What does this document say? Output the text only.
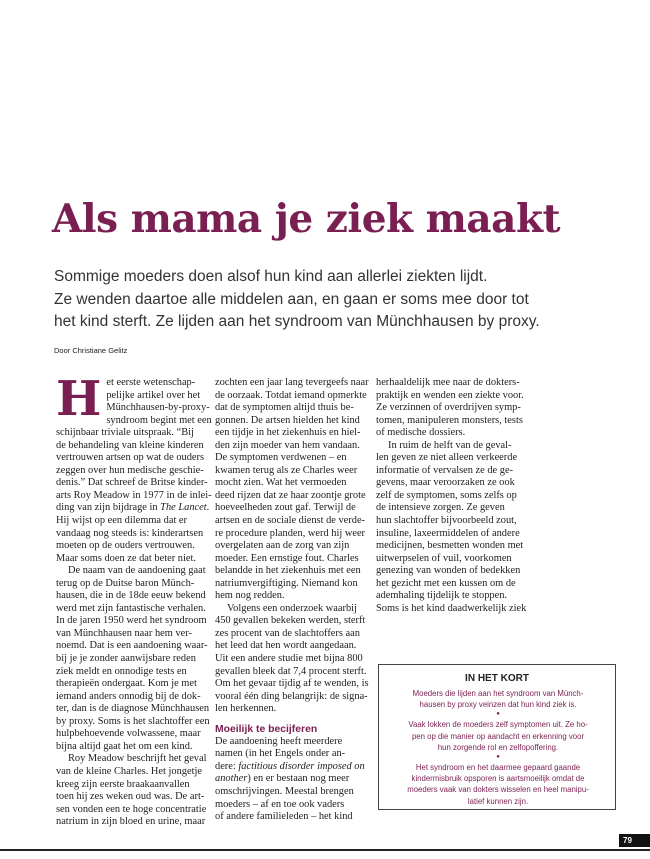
Als mama je ziek maakt
Sommige moeders doen alsof hun kind aan allerlei ziekten lijdt.
Ze wenden daartoe alle middelen aan, en gaan er soms mee door tot
het kind sterft. Ze lijden aan het syndroom van Münchhausen by proxy.
Door Christiane Gelitz

H et eerste wetenschap-
pelijke artikel over het
Münchhausen-by-proxy-
syndroom begint met een
schijnbaar triviale uitspraak. “Bij
de behandeling van kleine kinderen
vertrouwen artsen op wat de ouders
zeggen over hun medische geschie-
denis.” Dat schreef de Britse kinder-
arts Roy Meadow in 1977 in de inlei-
ding van zijn bijdrage in The Lancet.
Hij wijst op een dilemma dat er
vandaag nog steeds is: kinderartsen
moeten op de ouders vertrouwen.
Maar soms doen ze dat beter niet.

De naam van de aandoening gaat
terug op de Duitse baron Münch-
hausen, die in de 18de eeuw bekend
werd met zijn fantastische verhalen.
In de jaren 1950 werd het syndroom
van Münchhausen naar hem ver-
noemd. Dat is een aandoening waar-
bij je je zonder aanwijsbare reden
ziek meldt en onnodige tests en
therapieën ondergaat. Kom je met
iemand anders onnodig bij de dok-
ter, dan is de diagnose Münchhausen
by proxy. Soms is het slachtoffer een
hulpbehoevende volwassene, maar
bijna altijd gaat het om een kind.

Roy Meadow beschrijft het geval
van de kleine Charles. Het jongetje
kreeg zijn eerste braakaanvallen
toen hij zes weken oud was. De art-
sen vonden een te hoge concentratie
natrium in zijn bloed en urine, maar

zochten een jaar lang tevergeefs naar
de oorzaak. Totdat iemand opmerkte
dat de symptomen altijd thuis be-
gonnen. De artsen hielden het kind
een tijdje in het ziekenhuis en hiel-
den zijn moeder van hem vandaan.
De symptomen verdwenen – en
kwamen terug als ze Charles weer
mocht zien. Wat het vermoeden
deed rijzen dat ze haar zoontje grote
hoeveelheden zout gaf. Terwijl de
artsen en de sociale dienst de verde-
re procedure planden, werd hij weer
overgelaten aan de zorg van zijn
moeder. Een ernstige fout. Charles
belandde in het ziekenhuis met een
natriumvergiftiging. Niemand kon
hem nog redden.

Volgens een onderzoek waarbij
450 gevallen bekeken werden, sterft
zes procent van de slachtoffers aan
het leed dat hen wordt aangedaan.
Uit een andere studie met bijna 800
gevallen bleek dat 7,4 procent sterft.
Om het gevaar tijdig af te wenden, is
vooral één ding belangrijk: de signa-
len herkennen.

Moeilijk te becijferen

De aandoening heeft meerdere
namen (in het Engels onder an-
dere: factitious disorder imposed on
another) en er bestaan nog meer
omschrijvingen. Meestal brengen
moeders – af en toe ook vaders
of andere familieleden – het kind

herhaaldelijk mee naar de dokters-
praktijk en wenden een ziekte voor.
Ze verzinnen of overdrijven symp-
tomen, manipuleren monsters, tests
of medische dossiers.

In ruim de helft van de geval-
len geven ze niet alleen verkeerde
informatie of vervalsen ze de ge-
gevens, maar veroorzaken ze ook
zelf de symptomen, soms zelfs op
de intensieve zorgen. Ze geven
hun slachtoffer bijvoorbeeld zout,
insuline, laxeermiddelen of andere
medicijnen, besmetten wonden met
uitwerpselen of vuil, voorkomen
genezing van wonden of bedekken
het gezicht met een kussen om de
ademhaling tijdelijk te stoppen.
Soms is het kind daadwerkelijk ziek

IN HET KORT
Moeders die lijden aan het syndroom van Münch-
hausen by proxy veinzen dat hun kind ziek is.
●
Vaak lokken de moeders zelf symptomen uit. Ze ho-
pen op die manier op aandacht en erkenning voor
hun zorgende rol en zelfopoffering.
●
Het syndroom en het daarmee gepaard gaande
kindermisbruik opsporen is aartsmoeilijk omdat de
moeders vaak van dokters wisselen en heel manipu-
latief kunnen zijn.
79
